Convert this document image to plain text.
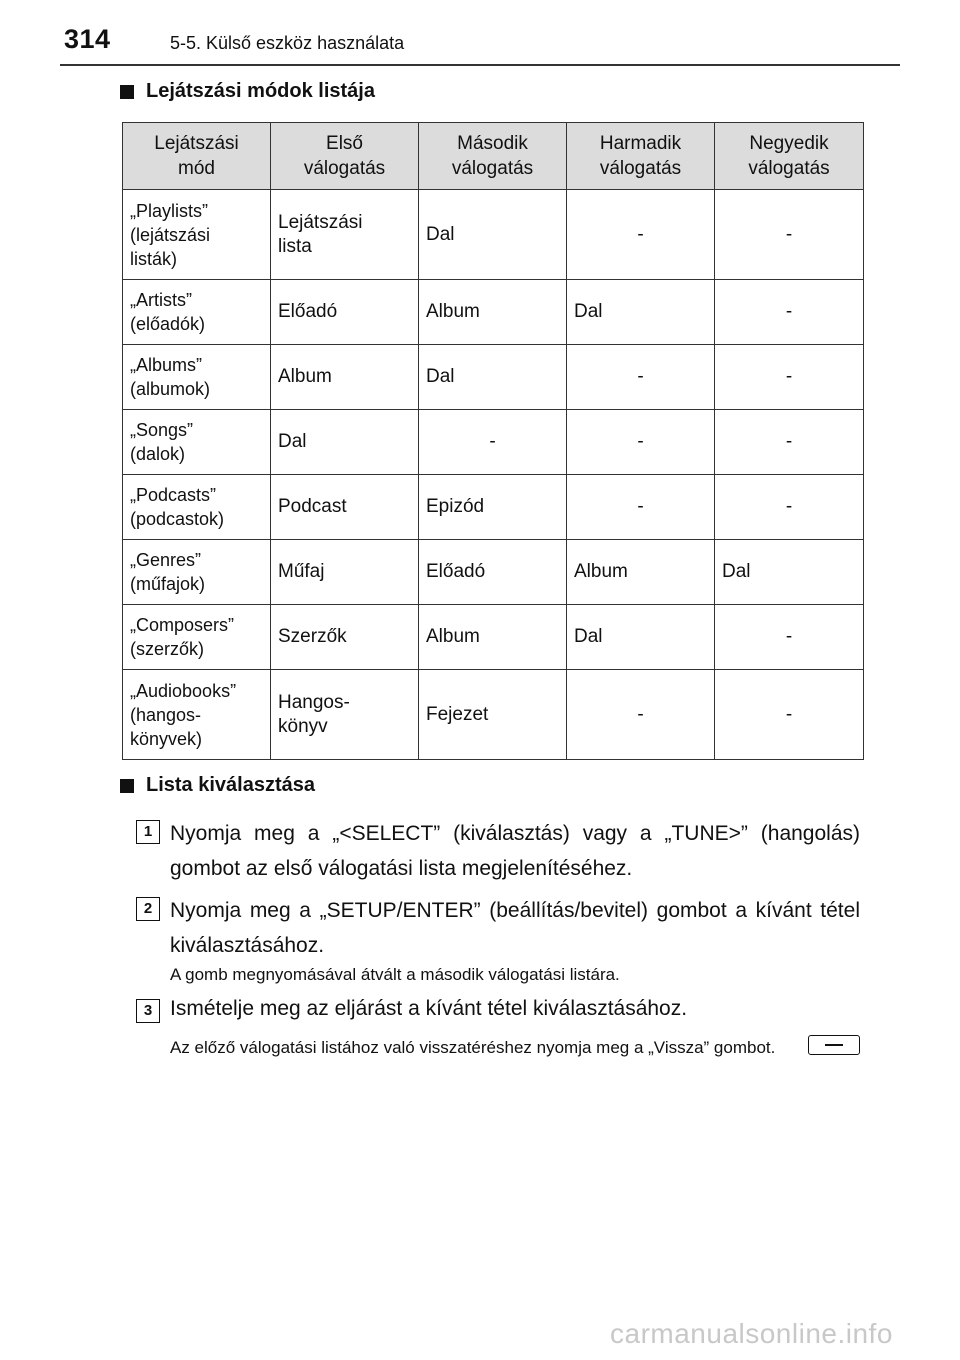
314	5-5. Külső eszköz használata
Lejátszási módok listája
Lejátszási
mód	Első
válogatás	Második
válogatás	Harmadik
válogatás	Negyedik
válogatás
„Playlists”
(lejátszási
listák)	Lejátszási
lista	Dal	-	-
„Artists”
(előadók)	Előadó	Album	Dal	-
„Albums”
(albumok)	Album	Dal	-	-
„Songs”
(dalok)	Dal	-	-	-
„Podcasts”
(podcastok)	Podcast	Epizód	-	-
„Genres”
(műfajok)	Műfaj	Előadó	Album	Dal
„Composers”
(szerzők)	Szerzők	Album	Dal	-
„Audiobooks”
(hangos-
könyvek)	Hangos-
könyv	Fejezet	-	-
Lista kiválasztása
1 Nyomja meg a „<SELECT” (kiválasztás) vagy a „TUNE>” (hangolás) gombot az első válogatási lista megjelenítéséhez.
2 Nyomja meg a „SETUP/ENTER” (beállítás/bevitel) gombot a kívánt tétel kiválasztásához.
A gomb megnyomásával átvált a második válogatási listára.
3 Ismételje meg az eljárást a kívánt tétel kiválasztásához.
Az előző válogatási listához való visszatéréshez nyomja meg a „Vissza” gombot.
carmanualsonline.info
